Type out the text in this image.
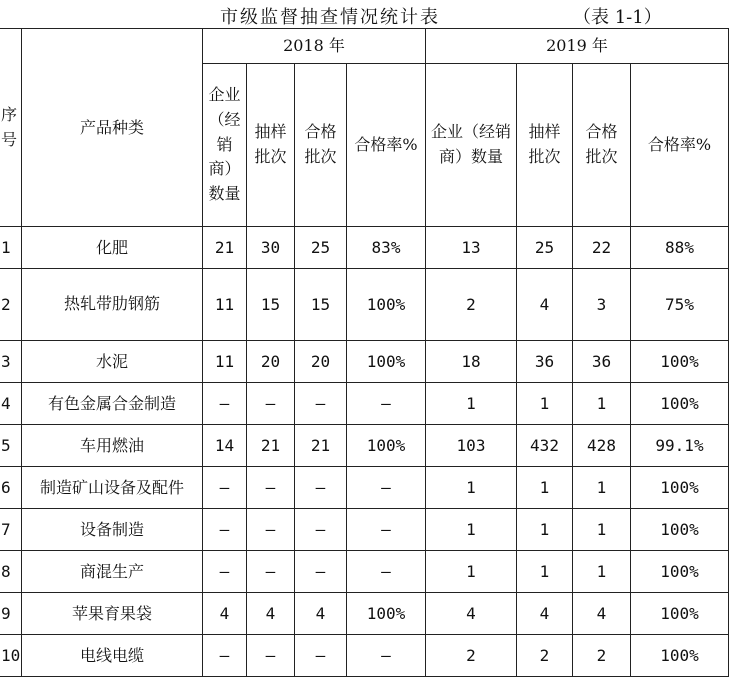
市级监督抽查情况统计表	（表 1-1）
序号	产品种类	2018 年				2019 年			
		企业（经销商）数量	抽样批次	合格批次	合格率%	企业（经销商）数量	抽样批次	合格批次	合格率%
1	化肥	21	30	25	83%	13	25	22	88%
2	热轧带肋钢筋	11	15	15	100%	2	4	3	75%
3	水泥	11	20	20	100%	18	36	36	100%
4	有色金属合金制造	–	–	–	–	1	1	1	100%
5	车用燃油	14	21	21	100%	103	432	428	99.1%
6	制造矿山设备及配件	–	–	–	–	1	1	1	100%
7	设备制造	–	–	–	–	1	1	1	100%
8	商混生产	–	–	–	–	1	1	1	100%
9	苹果育果袋	4	4	4	100%	4	4	4	100%
10	电线电缆	–	–	–	–	2	2	2	100%
